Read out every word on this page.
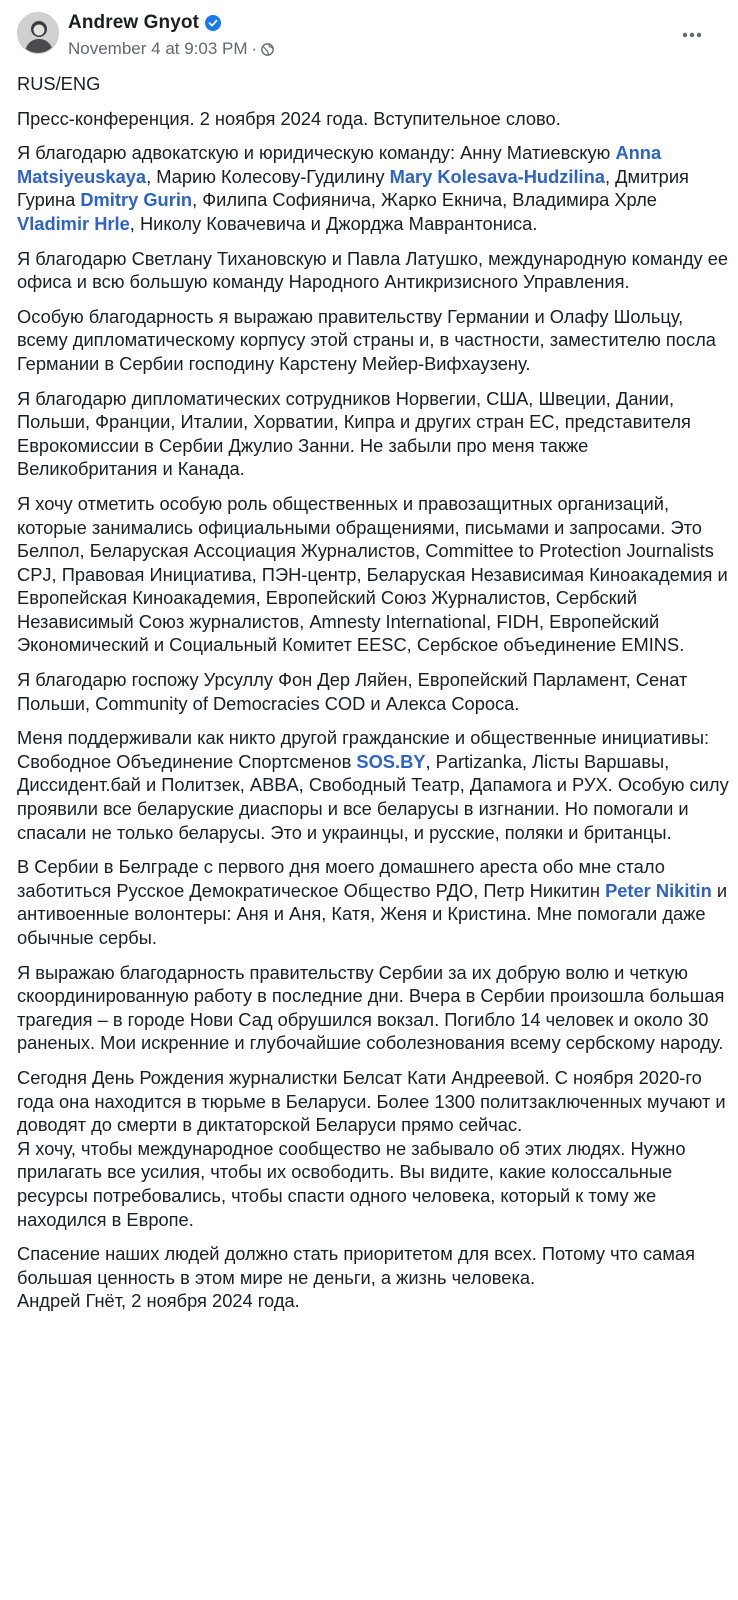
Andrew Gnyot
November 4 at 9:03 PM ·

RUS/ENG

Пресс-конференция. 2 ноября 2024 года. Вступительное слово.

Я благодарю адвокатскую и юридическую команду: Анну Матиевскую Anna Matsiyeuskaya, Марию Колесову-Гудилину Mary Kolesava-Hudzilina, Дмитрия Гурина Dmitry Gurin, Филипа Софиянича, Жарко Екнича, Владимира Хрле Vladimir Hrle, Николу Ковачевича и Джорджа Маврантониса.

Я благодарю Светлану Тихановскую и Павла Латушко, международную команду ее офиса и всю большую команду Народного Антикризисного Управления.

Особую благодарность я выражаю правительству Германии и Олафу Шольцу, всему дипломатическому корпусу этой страны и, в частности, заместителю посла Германии в Сербии господину Карстену Мейер-Вифхаузену.

Я благодарю дипломатических сотрудников Норвегии, США, Швеции, Дании, Польши, Франции, Италии, Хорватии, Кипра и других стран ЕС, представителя Еврокомиссии в Сербии Джулио Занни. Не забыли про меня также Великобритания и Канада.

Я хочу отметить особую роль общественных и правозащитных организаций, которые занимались официальными обращениями, письмами и запросами. Это Белпол, Беларуская Ассоциация Журналистов, Committee to Protection Journalists CPJ, Правовая Инициатива, ПЭН-центр, Беларуская Независимая Киноакадемия и Европейская Киноакадемия, Европейский Союз Журналистов, Сербский Независимый Союз журналистов, Amnesty International, FIDH, Европейский Экономический и Социальный Комитет EESC, Сербское объединение EMINS.

Я благодарю госпожу Урсуллу Фон Дер Ляйен, Европейский Парламент, Сенат Польши, Community of Democracies COD и Алекса Сороса.

Меня поддерживали как никто другой гражданские и общественные инициативы: Свободное Объединение Спортсменов SOS.BY, Partizanka, Лісты Варшавы, Диссидент.бай и Политзек, ABBA, Свободный Театр, Дапамога и РУХ. Особую силу проявили все беларуские диаспоры и все беларусы в изгнании. Но помогали и спасали не только беларусы. Это и украинцы, и русские, поляки и британцы.

В Сербии в Белграде с первого дня моего домашнего ареста обо мне стало заботиться Русское Демократическое Общество РДО, Петр Никитин Peter Nikitin и антивоенные волонтеры: Аня и Аня, Катя, Женя и Кристина. Мне помогали даже обычные сербы.

Я выражаю благодарность правительству Сербии за их добрую волю и четкую скоординированную работу в последние дни. Вчера в Сербии произошла большая трагедия – в городе Нови Сад обрушился вокзал. Погибло 14 человек и около 30 раненых. Мои искренние и глубочайшие соболезнования всему сербскому народу.

Сегодня День Рождения журналистки Белсат Кати Андреевой. С ноября 2020-го года она находится в тюрьме в Беларуси. Более 1300 политзаключенных мучают и доводят до смерти в диктаторской Беларуси прямо сейчас.
Я хочу, чтобы международное сообщество не забывало об этих людях. Нужно прилагать все усилия, чтобы их освободить. Вы видите, какие колоссальные ресурсы потребовались, чтобы спасти одного человека, который к тому же находился в Европе.

Спасение наших людей должно стать приоритетом для всех. Потому что самая большая ценность в этом мире не деньги, а жизнь человека.
Андрей Гнёт, 2 ноября 2024 года.
